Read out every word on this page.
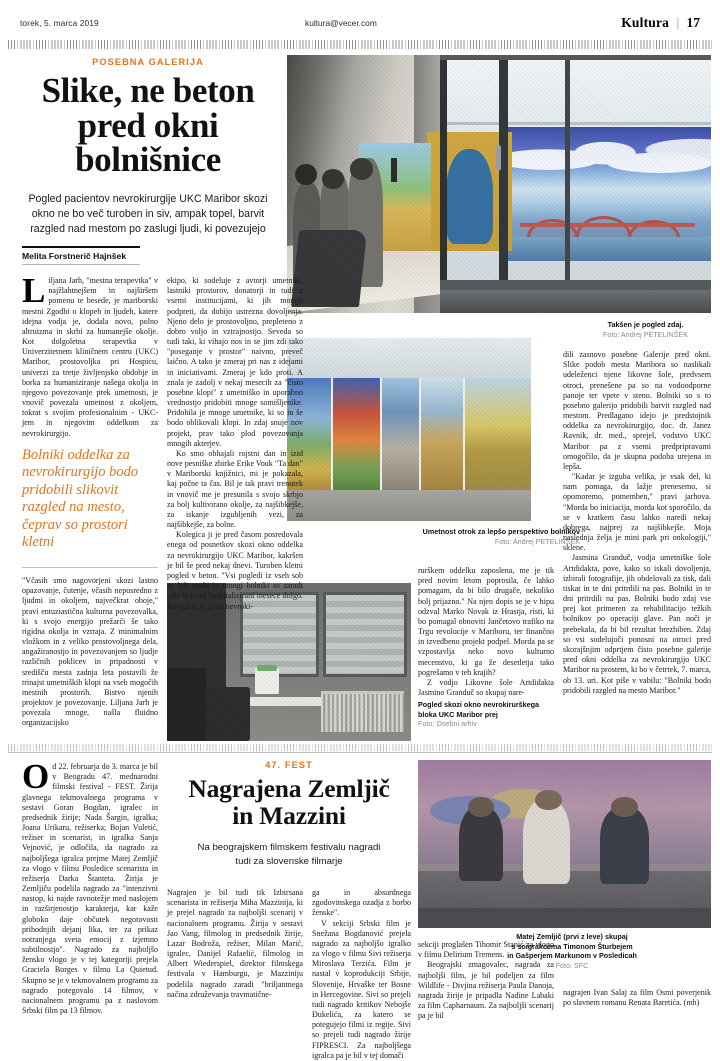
torek, 5. marca 2019	kultura@vecer.com	Kultura | 17
POSEBNA GALERIJA
Slike, ne beton
pred okni
bolnišnice
Pogled pacientov nevrokirurgije UKC Maribor skozi okno ne bo več turoben in siv, ampak topel, barvit razgled nad mestom po zaslugi ljudi, ki povezujejo
Melita Forstnerič Hajnšek
Takšen je pogled zdaj.
Foto: Andrej PETELINŠEK
Umetnost otrok za lepšo perspektivo bolnikov Foto: Andrej PETELINŠEK
Pogled skozi okno nevrokirurškega
bloka UKC Maribor prej
Foto: Osebni arhiv

Liljana Jarh, "mestna terapevtka" v najžlahtnejšem in najširšem pomenu te besede, je mariborski mestni Zgodbi o klopeh in ljudeh, katere idejna vodja je, dodala novo, polno altruizma in skrbi za humanejše okolje. Kot dolgoletna terapevtka v Univerzitetnem kliničnem centru (UKC) Maribor, prostovoljka pri Hospicu, univerzi za tretje življenjsko obdobje in borka za humaniziranje našega okolja in njegovo povezovanje prek umetnosti, je vnovič povezala umetnost z okoljem, tokrat s svojim profesionalnim - UKC-jem in njegovim oddelkom za nevrokirurgijo.

Bolniki oddelka za nevrokirurgijo bodo pridobili slikovit razgled na mesto, čeprav so prostori kletni

"Včasih smo nagovorjeni skozi lastno opazovanje, čutenje, včasih neposredno z ljudmi in okoljem, največkrat oboje," pravi entuziastična kulturna povezovalka, ki s svojo energijo prežarči še tako rigidna okolja in vztraja. Z minimalnim vložkom in z veliko prostovoljnega dela, angažiranostjo in povezovanjem so ljudje različnih poklicev in pripadnosti v središču mesta zadnja leta postavili že trinajst umetniških klopi na vseh mogočih mestnih prostorih. Bistvo njenih projektov je povezovanje. Liljana Jarh je povezala mnoge, našla fluidno organizacijsko

ekipo, ki sodeluje z avtorji umetniki, lastniki prostorov, donatorji in tudi z vsemi institucijami, ki jih morajo podpreti, da dobijo ustrezna dovoljenja. Njeno delo je prostovoljno, prepleteno z dobro voljo in vztrajnostjo. Seveda so tudi taki, ki vihajo nos in se jim zdi tako "poseganje v prostor" naivno, preveč laično. A tako je zmeraj pri nas z idejami in iniciativami. Zmeraj je kdo proti. A znala je zadolj v nekaj mesecih za "čisto posebne klopi" z umetniško in uporabno vrednostjo pridobiti mnoge somišljenike. Pridobila je mnoge umetnike, ki so in še bodo oblikovali klopi. In zdaj snuje nov projekt, prav tako plod povezovanja mnogih akterjev.

Ko smo obhajali rojstni dan in izid nove pesniške zbirke Erike Vouk "Ta dan" v Mariborski knjižnici, mi je pokazala, kaj počne ta čas. Bil je tak pravi trenutek in vnovič me je presunila s svojo skrbjo za bolj kultivirano okolje, za najšibkejše, za iskanje izgubljenih vezi, za najšibkejše, za bolne.

Kolegica ji je pred časom posredovala enega od posnetkov skozi okno oddelka za nevrokirurgijo UKC Maribor, kakršen je bil še pred nekaj dnevi. Turoben kletni pogled v beton. "Vsi pogledi iz vseh sob so bili enaki in mnogi bolniki so zaradi teže bolezni hospitalizirani mesece dolgo. Kolegica, ki je na nevroki-

rurškem oddelku zaposlena, me je tik pred novim letom poprosila, če lahko pomagam, da bi bilo drugače, nekoliko bolj prijazno." Na njen dopis se je v hipu odzval Marko Novak iz Hrastja, risti, ki bo pomagal obnoviti Jančetovo trafiko na Trgu revolucije v Mariboru, ter finančno in izvedbeno projekt podpel. Morda pa se vzpostavlja neko novo kulturno mecenstvo, ki ga že desetletja tako pogrešamo v teh krajih?

Z vodjo Likovne šole Artdidakta Jasmino Granduč so skupaj nare-

dili zasnovo posebne Galerije pred okni. Slike podob mesta Maribora so naslikali udeleženci njene likovne šole, predvsem otroci, prenešene pa so na vodoodporne panoje ter vpete v steno. Bolniki so s to posebno galerijo pridobili barvit razgled nad mestom. Predlagano idejo je predstojnik oddelka za nevrokirurgijo, doc. dr. Janez Ravnik, dr. med., sprejel, vodstvo UKC Maribor pa z vsemi predpripravami omogočilo, da je skupna podoba urejena in lepša.

"Kadar je izguba velika, je vsak del, ki nam pomaga, da lažje prenesemo, si opomoremo, pomemben," pravi jarhova. "Morda bo iniciacija, morda kot sporočilo, da se v kratkem času lahko naredi nekaj dobrega, najprej za najšibkejše. Moja naslednja želja je mini park pri onkologiji," sklene.

Jasmina Granduč, vodja umetniške šole Artdidakta, pove, kako so iskali dovoljenja, izbirali fotografije, jih obdelovali za tisk, dali tiskat in te dni pritrdili na pas. Bolniki in te dni pritrdili na pas. Bolniki bodo zdaj vse prej kot primeren za rehabilitacijo težkih bolnikov po operaciji glave. Pan noči je prebekala, da bi bil rezultat brezhiben. Zdaj so vsi sodelujoči ponosni na otroci pred skorajšnjim odprtjem čisto posebne galerije pred okni oddelka za nevrokirurgijo UKC Maribor na prostem, ki bo v četrtek, 7. marca, ob 13. uri. Kot piše v vabilu: "Bolniki bodo pridobili razgled na mesto Maribor."

47. FEST
Nagrajena Zemljič
in Mazzini
Na beograjskem filmskem festivalu nagradi
tudi za slovenske filmarje
Matej Zemljič (prvi z leve) skupaj
s soigrakcema Timonom Šturbejem
in Gašperjem Markunom v Posledicah
Foto: SFC

Od 22. februarja do 3. marca je bil v Beogradu 47. mednarodni filmski festival - FEST. Žirija glavnega tekmovalnega programa v sestavi Goran Bogdan, igralec in predsednik žirije; Nada Šargin, igralka; Joana Urikaru, režiserka; Bojan Vuletić, režiser in scenarist, in igralka Sanja Vejnović, je odločila, da nagrado za najboljšega igralca prejme Matej Zemljič za vlogo v filmu Posledice scenarista in režiserja Darka Štanteta. Žirija je Zemljiču podelila nagrado za "intenzivni nastop, ki najde ravnotežje med naslojem in razširjenostjo karakterja, kar kaže globoko daje občutek negotovosti prihodnjih dejanj lika, ter za prikaz notranjega sveta emocij z izjemno subtilnostjo". Nagrado za najboljšo žensko vlogo je v tej kategoriji prejela Graciela Borges v filmu La Quietud. Skupno se je v tekmovalnem programu za nagrado potegovalo 14 filmov, v nacionalnem programu pa z naslovom Srbski film pa 13 filmov.

Nagrajen je bil tudi tik Izbirsana scenarista in režiserja Miha Mazzinija, ki je prejel nagrado za najboljši scenarij v nacionalnem programu. Žirija v sestavi Jao Vang, filmolog in predsednik žirije, Lazar Bodroža, režiser, Milan Marić, igralec, Danijel Rafaelić, filmolog in Albert Wiederspiel, direktor filmskega festivala v Hamburgu, je Mazziniju podelila nagrado zaradi "briljantnega načina združevanja travmatične-

ga in absurdnega zgodovinskega ozadja z borbo ženske".

V sekciji Srbski film je Snežana Bogdanović prejela nagrado za najboljšo igralko za vlogo v filmu Sivi režiserja Miroslava Terzića. Film je nastal v koprodukciji Srbije, Slovenije, Hrvaške ter Bosne in Hercegovine. Sivi so prejeli tudi nagrado kritikov Nebojše Đukelića, za katero se potegujejo filmi iz regije. Sivi so prejeli tudi nagrado žirije FIPRESCI. Za najboljšega igralca pa je bil v tej domači

sekciji proglašen Tihomir Stanić za vlogo v filmu Delirium Tremens.

Beograjski zmagovalec, nagrada za najboljši film, je bil podeljen za film Wildlife - Divjina režiserja Paula Danoja, nagrada žirije je pripadla Nadine Labaki za film Capharnaum. Za najboljši scenarij pa je bil

nagrajen Ivan Salaj za film Osmi poverjenik po slavnem romanu Renata Baretića. (mh)
